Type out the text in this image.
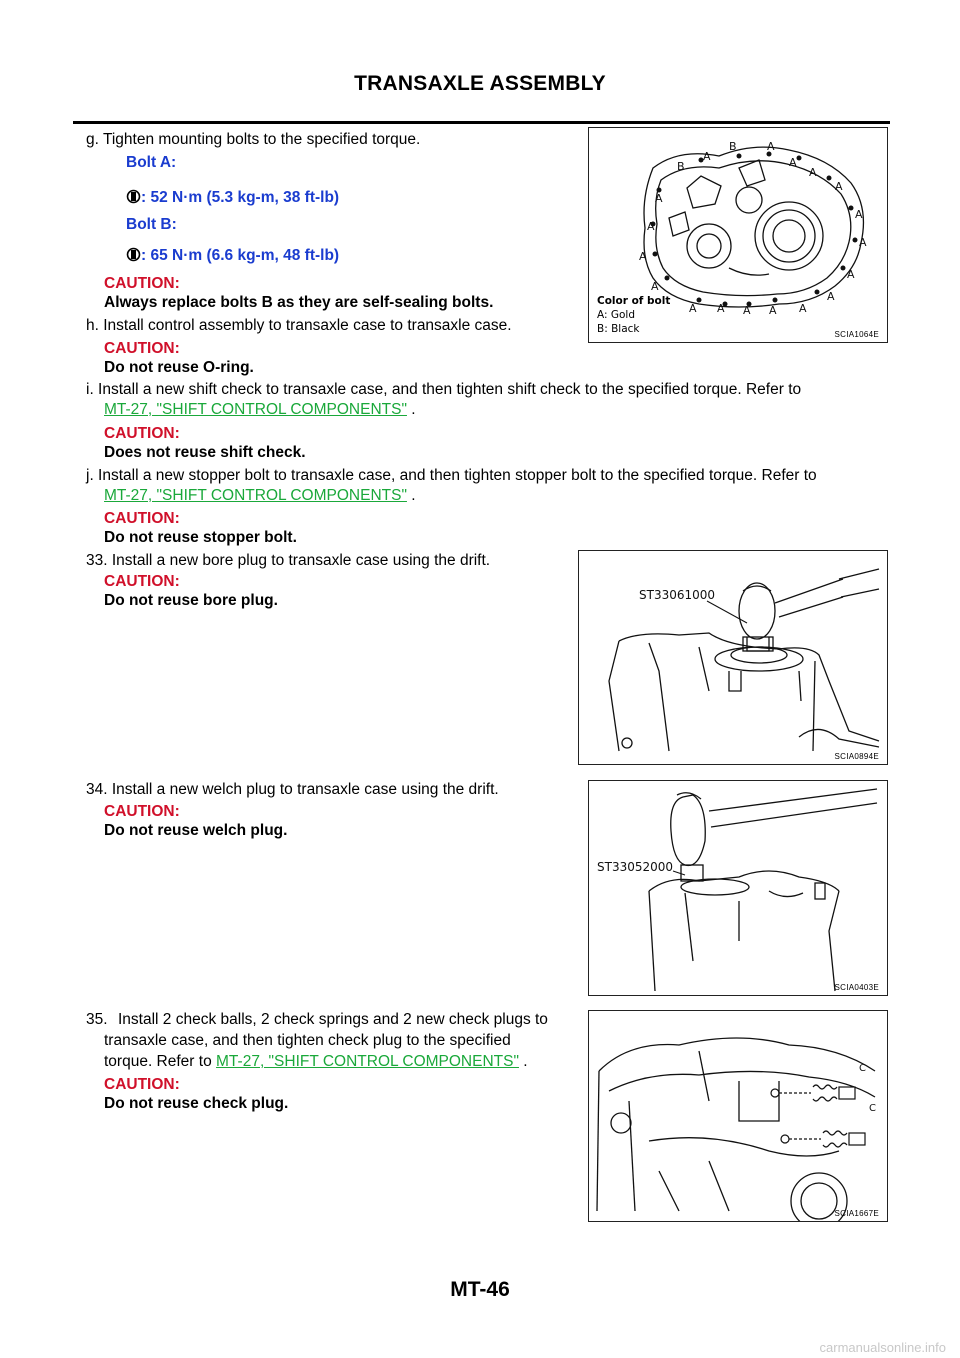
TRANSAXLE ASSEMBLY
g. Tighten mounting bolts to the specified torque.
Bolt A:
: 52 N·m (5.3 kg-m, 38 ft-lb)
Bolt B:
: 65 N·m (6.6 kg-m, 48 ft-lb)
CAUTION:
Always replace bolts B as they are self-sealing bolts.
h. Install control assembly to transaxle case to transaxle case.
CAUTION:
Do not reuse O-ring.
i. Install a new shift check to transaxle case, and then tighten shift check to the specified torque. Refer to
MT-27, "SHIFT CONTROL COMPONENTS" .
CAUTION:
Does not reuse shift check.
j. Install a new stopper bolt to transaxle case, and then tighten stopper bolt to the specified torque. Refer to
MT-27, "SHIFT CONTROL COMPONENTS" .
CAUTION:
Do not reuse stopper bolt.
33. Install a new bore plug to transaxle case using the drift.
CAUTION:
Do not reuse bore plug.
34. Install a new welch plug to transaxle case using the drift.
CAUTION:
Do not reuse welch plug.
35. Install 2 check balls, 2 check springs and 2 new check plugs to
transaxle case, and then tighten check plug to the specified
torque. Refer to MT-27, "SHIFT CONTROL COMPONENTS" .
CAUTION:
Do not reuse check plug.
B
A
B	A
A
A
A
A
A
A
A
A
A
A
A
A
A
A
A
A
Color of bolt
A: Gold
B: Black	SCIA1064E
ST33061000
SCIA0894E
ST33052000
SCIA0403E
C
C
SCIA1667E
MT-46
carmanualsonline.info
